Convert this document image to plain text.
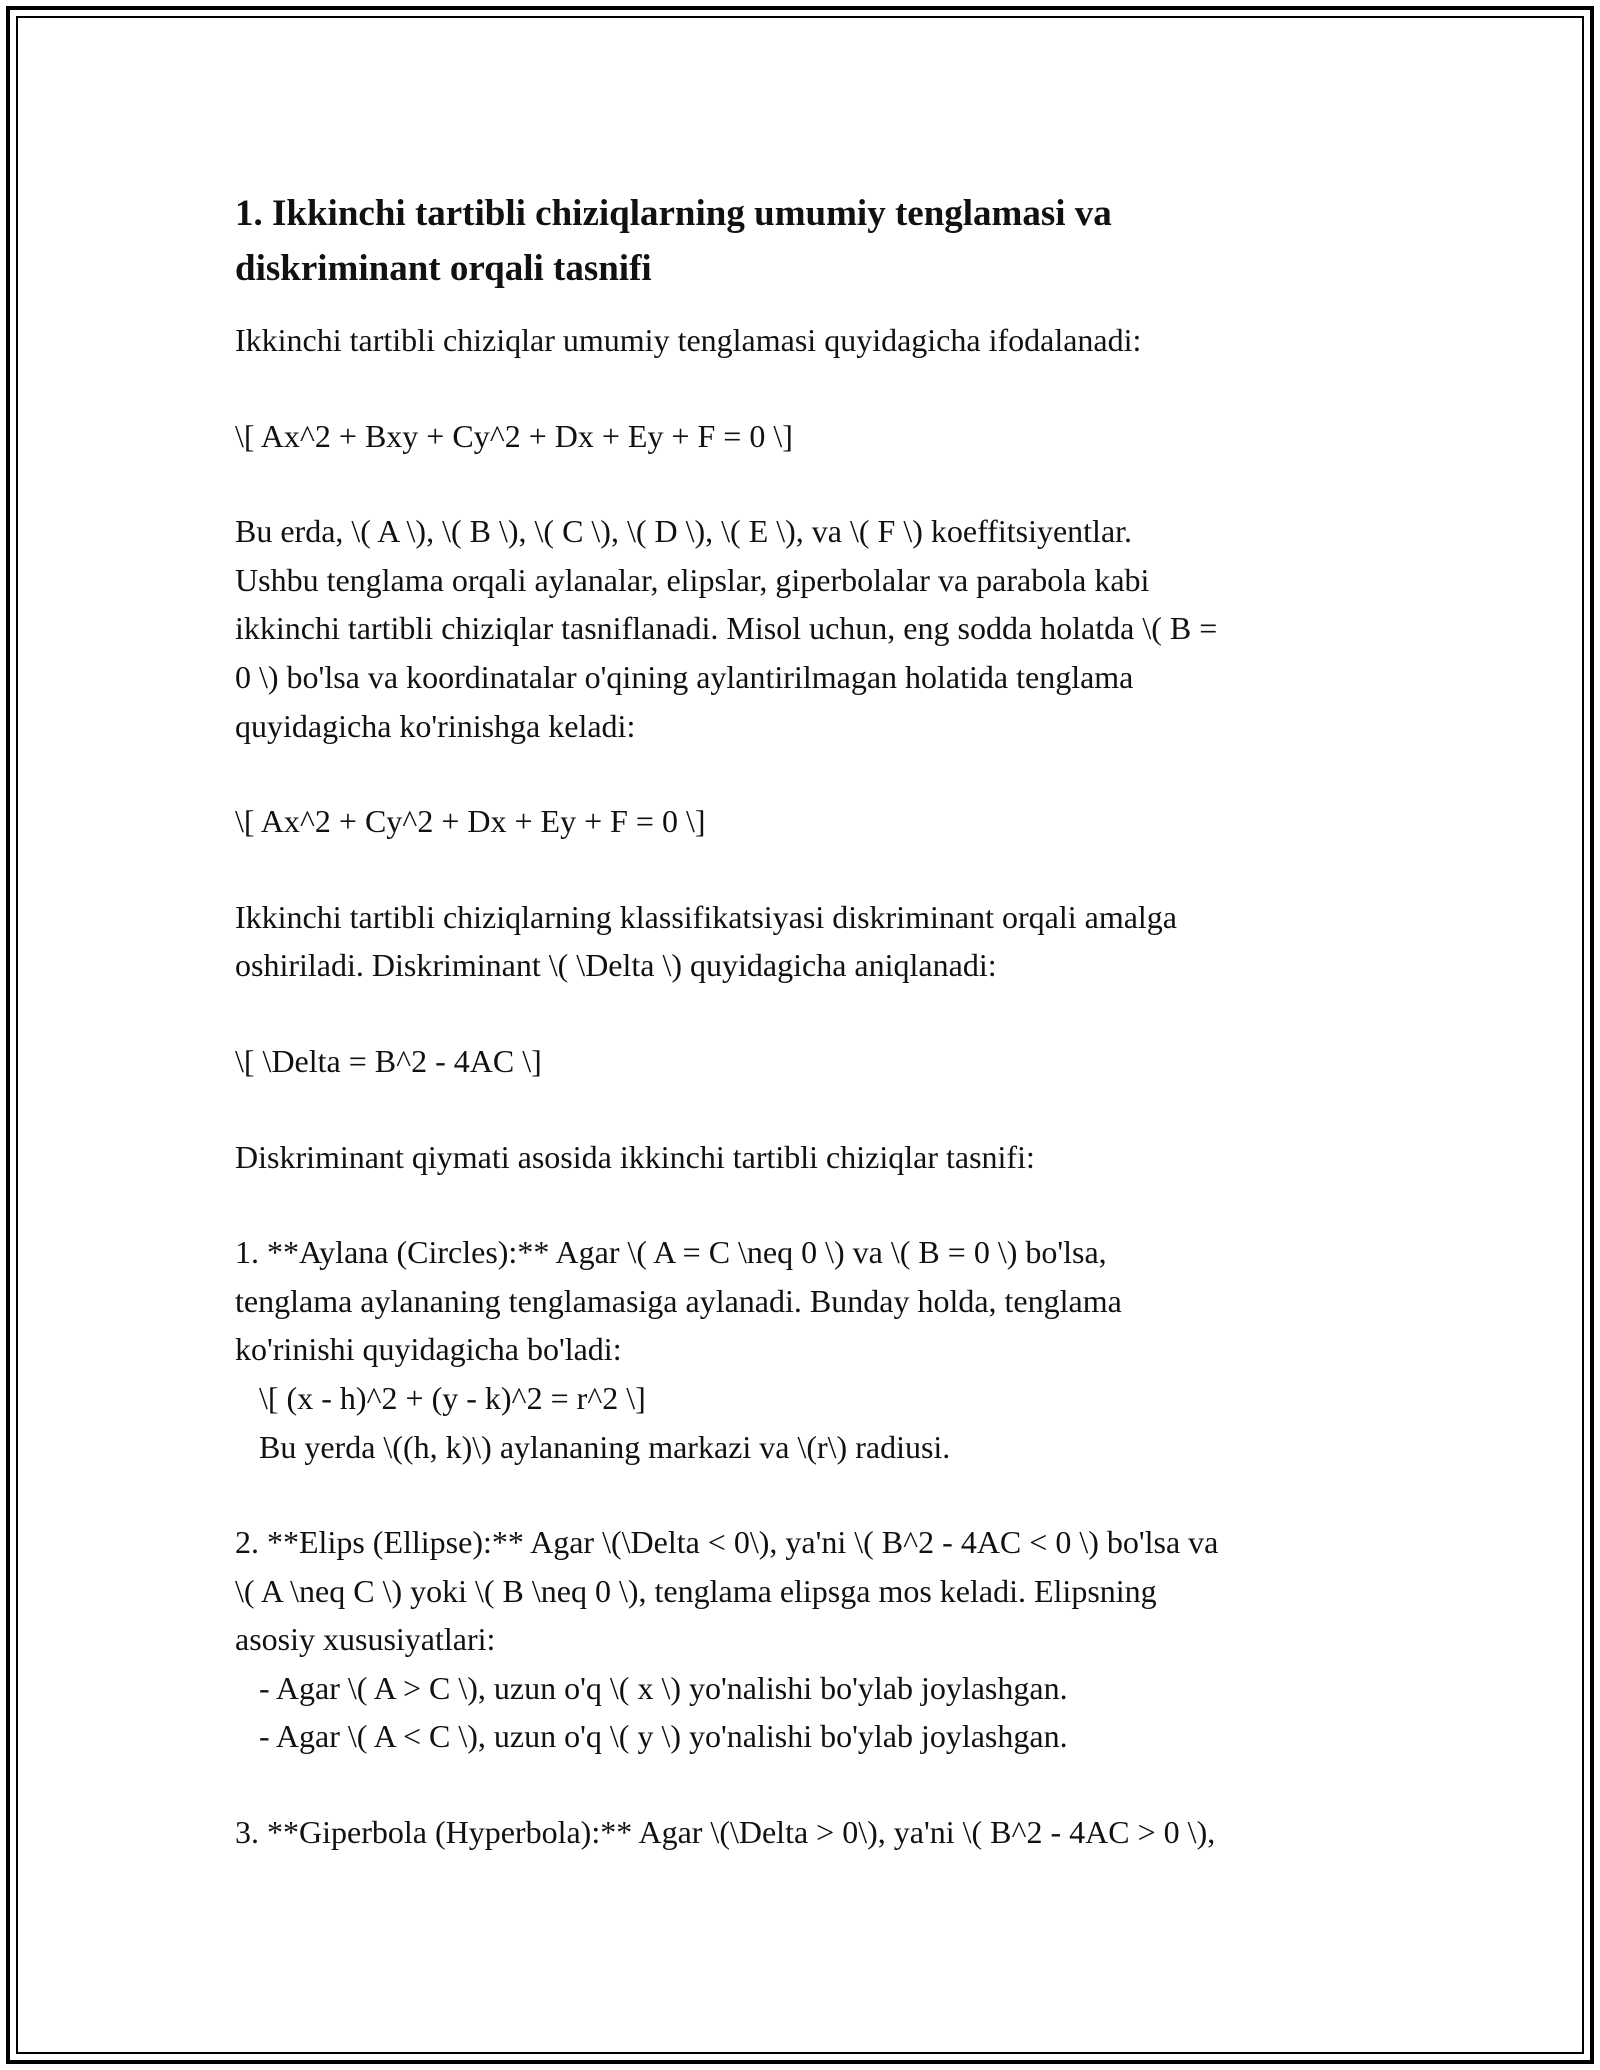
1. Ikkinchi tartibli chiziqlarning umumiy tenglamasi va
diskriminant orqali tasnifi
Ikkinchi tartibli chiziqlar umumiy tenglamasi quyidagicha ifodalanadi:
\[ Ax^2 + Bxy + Cy^2 + Dx + Ey + F = 0 \]
Bu erda, \( A \), \( B \), \( C \), \( D \), \( E \), va \( F \) koeffitsiyentlar.
Ushbu tenglama orqali aylanalar, elipslar, giperbolalar va parabola kabi
ikkinchi tartibli chiziqlar tasniflanadi. Misol uchun, eng sodda holatda \( B =
0 \) bo'lsa va koordinatalar o'qining aylantirilmagan holatida tenglama
quyidagicha ko'rinishga keladi:
\[ Ax^2 + Cy^2 + Dx + Ey + F = 0 \]
Ikkinchi tartibli chiziqlarning klassifikatsiyasi diskriminant orqali amalga
oshiriladi. Diskriminant \( \Delta \) quyidagicha aniqlanadi:
\[ \Delta = B^2 - 4AC \]
Diskriminant qiymati asosida ikkinchi tartibli chiziqlar tasnifi:
1. **Aylana (Circles):** Agar \( A = C \neq 0 \) va \( B = 0 \) bo'lsa,
tenglama aylananing tenglamasiga aylanadi. Bunday holda, tenglama
ko'rinishi quyidagicha bo'ladi:
\[ (x - h)^2 + (y - k)^2 = r^2 \]
Bu yerda \((h, k)\) aylananing markazi va \(r\) radiusi.
2. **Elips (Ellipse):** Agar \(\Delta < 0\), ya'ni \( B^2 - 4AC < 0 \) bo'lsa va
\( A \neq C \) yoki \( B \neq 0 \), tenglama elipsga mos keladi. Elipsning
asosiy xususiyatlari:
- Agar \( A > C \), uzun o'q \( x \) yo'nalishi bo'ylab joylashgan.
- Agar \( A < C \), uzun o'q \( y \) yo'nalishi bo'ylab joylashgan.
3. **Giperbola (Hyperbola):** Agar \(\Delta > 0\), ya'ni \( B^2 - 4AC > 0 \),
